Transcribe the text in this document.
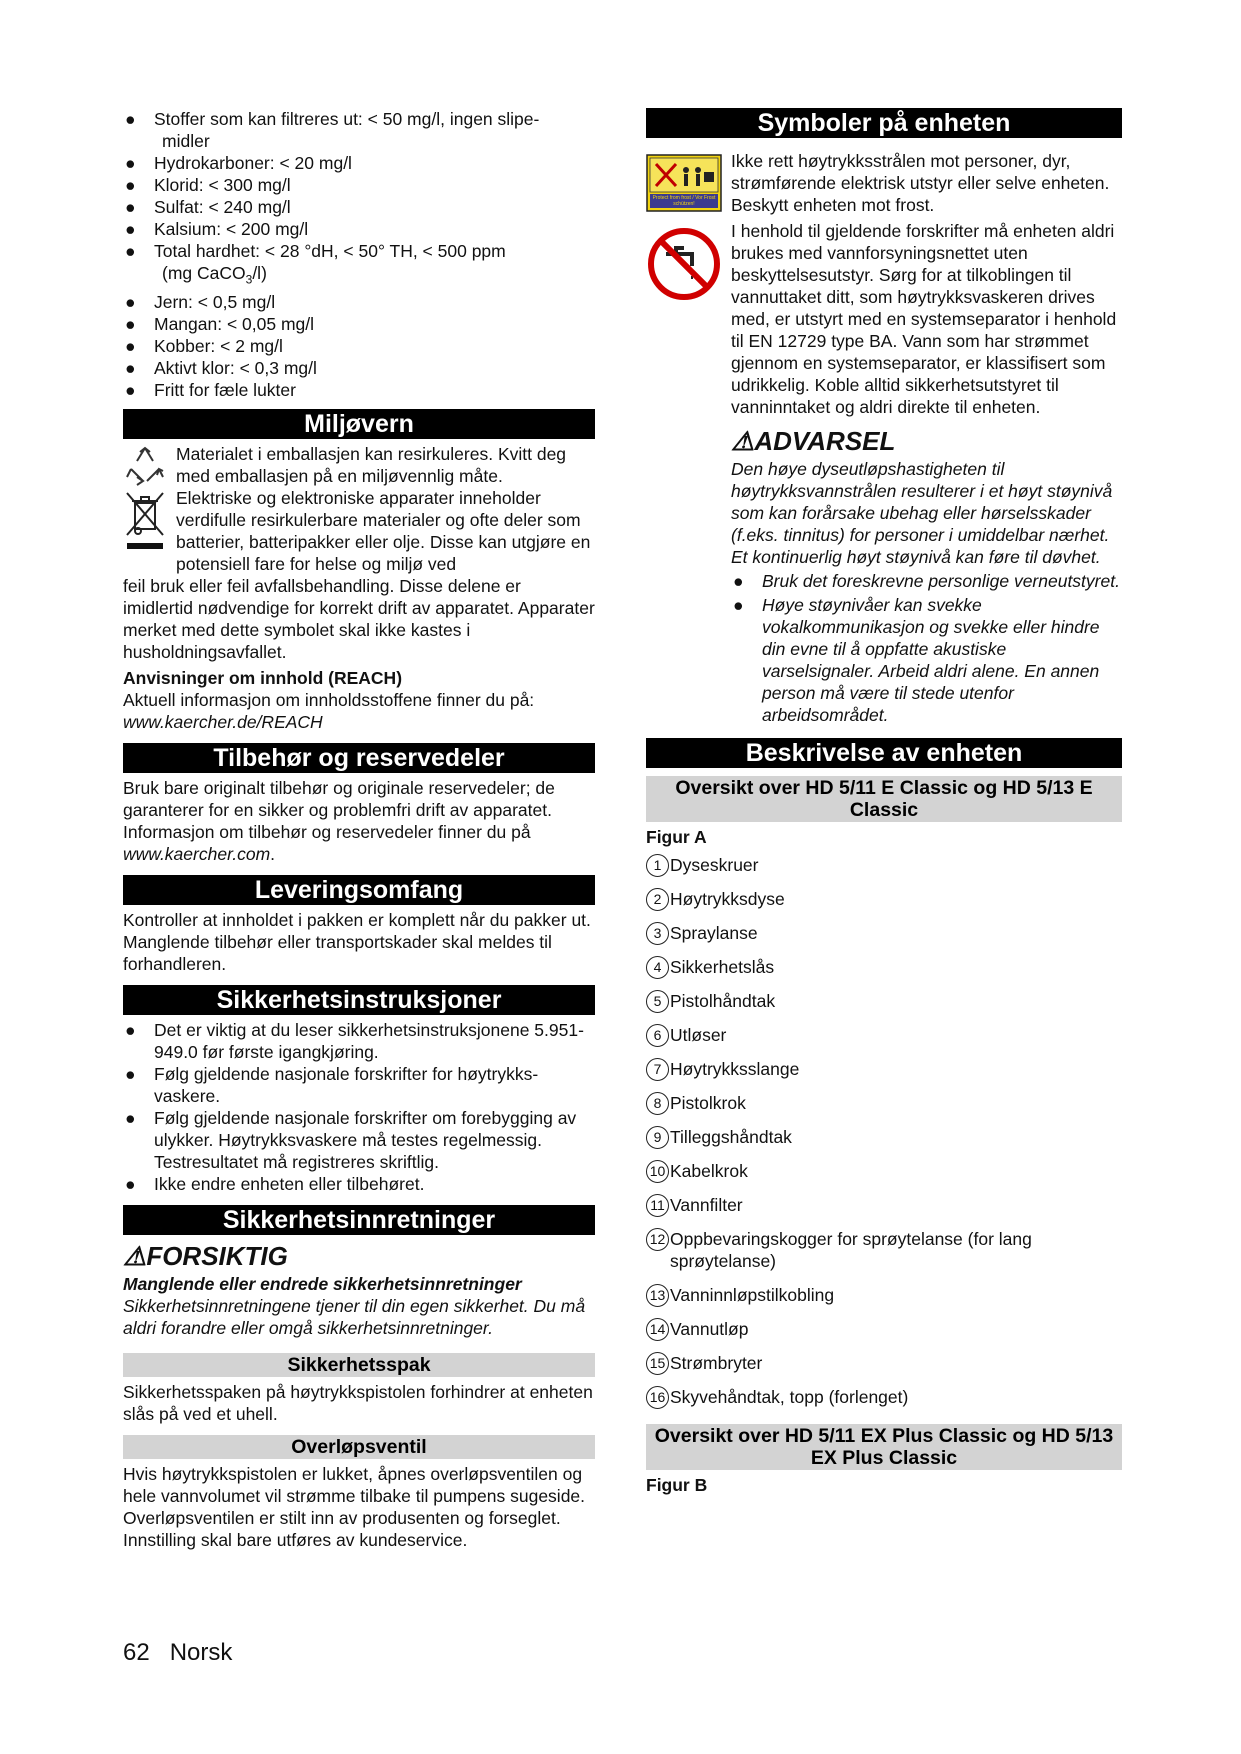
● Stoffer som kan filtreres ut: < 50 mg/l, ingen slipe-
midler
● Hydrokarboner: < 20 mg/l
● Klorid: < 300 mg/l
● Sulfat: < 240 mg/l
● Kalsium: < 200 mg/l
● Total hardhet: < 28 °dH, < 50° TH, < 500 ppm
(mg CaCO$_3$/l)
● Jern: < 0,5 mg/l
● Mangan: < 0,05 mg/l
● Kobber: < 2 mg/l
● Aktivt klor: < 0,3 mg/l
● Fritt for fæle lukter
Miljøvern

Materialet i emballasjen kan resirkuleres. Kvitt deg med emballasjen på en miljøvennlig måte.

Elektriske og elektroniske apparater inneholder verdifulle resirkulerbare materialer og ofte deler som batterier, batteripakker eller olje. Disse kan utgjøre en potensiell fare for helse og miljø ved

feil bruk eller feil avfallsbehandling. Disse delene er imidlertid nødvendige for korrekt drift av apparatet. Apparater merket med dette symbolet skal ikke kastes i husholdningsavfallet.

Anvisninger om innhold (REACH)

Aktuell informasjon om innholdsstoffene finner du på:

www.kaercher.de/REACH

Tilbehør og reservedeler

Bruk bare originalt tilbehør og originale reservedeler; de garanterer for en sikker og problemfri drift av apparatet. Informasjon om tilbehør og reservedeler finner du på www.kaercher.com.

Leveringsomfang

Kontroller at innholdet i pakken er komplett når du pakker ut. Manglende tilbehør eller transportskader skal meldes til forhandleren.

Sikkerhetsinstruksjoner
● Det er viktig at du leser sikkerhetsinstruksjonene 5.951-949.0 før første igangkjøring.
● Følg gjeldende nasjonale forskrifter for høytrykks-vaskere.
● Følg gjeldende nasjonale forskrifter om forebygging av ulykker. Høytrykksvaskere må testes regelmessig. Testresultatet må registreres skriftlig.
● Ikke endre enheten eller tilbehøret.
Sikkerhetsinnretninger
⚠FORSIKTIG

Manglende eller endrede sikkerhetsinnretninger

Sikkerhetsinnretningene tjener til din egen sikkerhet. Du må aldri forandre eller omgå sikkerhetsinnretninger.

Sikkerhetsspak

Sikkerhetsspaken på høytrykkspistolen forhindrer at enheten slås på ved et uhell.

Overløpsventil

Hvis høytrykkspistolen er lukket, åpnes overløpsventilen og hele vannvolumet vil strømme tilbake til pumpens sugeside.

Overløpsventilen er stilt inn av produsenten og forseglet. Innstilling skal bare utføres av kundeservice.

Symboler på enheten
Protect from frost / Vor Frost schützen!

Ikke rett høytrykksstrålen mot personer, dyr, strømførende elektrisk utstyr eller selve enheten.

Beskytt enheten mot frost.

I henhold til gjeldende forskrifter må enheten aldri brukes med vannforsyningsnettet uten beskyttelsesutstyr. Sørg for at tilkoblingen til vannuttaket ditt, som høytrykksvaskeren drives med, er utstyrt med en systemseparator i henhold til EN 12729 type BA. Vann som har strømmet gjennom en systemseparator, er klassifisert som udrikkelig. Koble alltid sikkerhetsutstyret til vanninntaket og aldri direkte til enheten.

⚠ADVARSEL

Den høye dyseutløpshastigheten til høytrykksvannstrålen resulterer i et høyt støynivå som kan forårsake ubehag eller hørselsskader (f.eks. tinnitus) for personer i umiddelbar nærhet. Et kontinuerlig høyt støynivå kan føre til døvhet.

● Bruk det foreskrevne personlige verneutstyret.
● Høye støynivåer kan svekke vokalkommunikasjon og svekke eller hindre din evne til å oppfatte akustiske varselsignaler. Arbeid aldri alene. En annen person må være til stede utenfor arbeidsområdet.
Beskrivelse av enheten
Oversikt over HD 5/11 E Classic og HD 5/13 E Classic

Figur A

1 Dyseskruer
2 Høytrykksdyse
3 Spraylanse
4 Sikkerhetslås
5 Pistolhåndtak
6 Utløser
7 Høytrykksslange
8 Pistolkrok
9 Tilleggshåndtak
10 Kabelkrok
11 Vannfilter
12 Oppbevaringskogger for sprøytelanse (for lang sprøytelanse)
13 Vanninnløpstilkobling
14 Vannutløp
15 Strømbryter
16 Skyvehåndtak, topp (forlenget)
Oversikt over HD 5/11 EX Plus Classic og HD 5/13 EX Plus Classic

Figur B

62 Norsk
